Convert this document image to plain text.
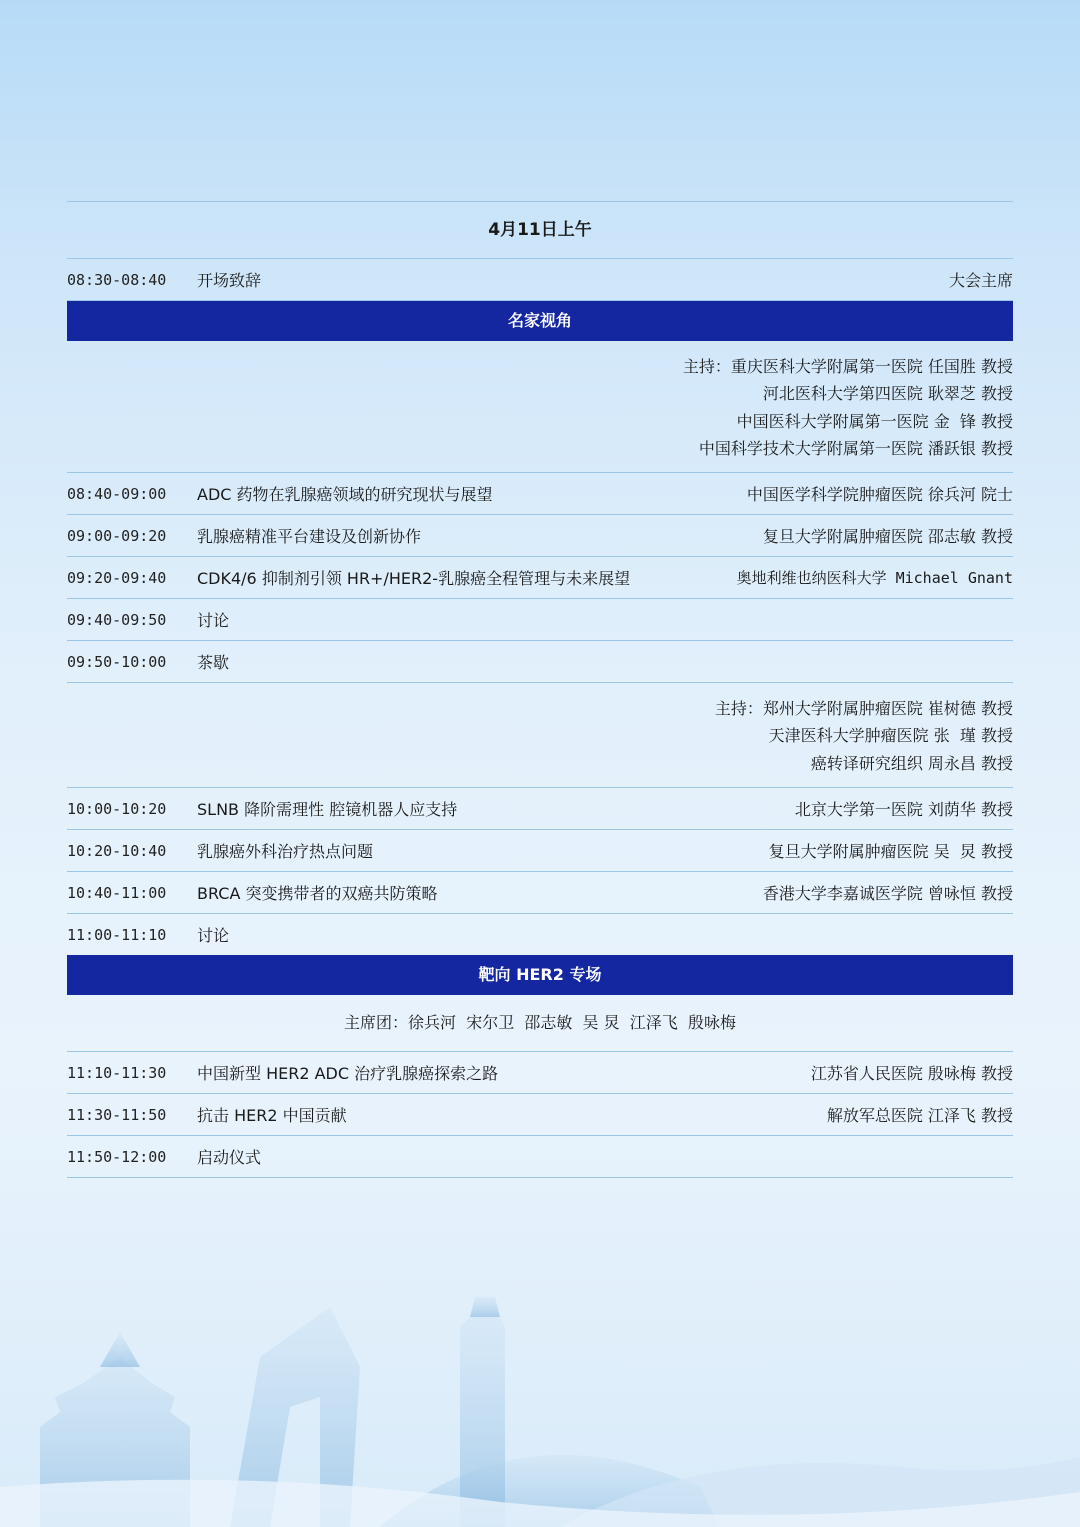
4月11日上午
08:30-08:40	开场致辞	大会主席
名家视角
主持：重庆医科大学附属第一医院 任国胜 教授
河北医科大学第四医院 耿翠芝 教授
中国医科大学附属第一医院 金  锋 教授
中国科学技术大学附属第一医院 潘跃银 教授
08:40-09:00	ADC 药物在乳腺癌领域的研究现状与展望	中国医学科学院肿瘤医院 徐兵河 院士
09:00-09:20	乳腺癌精准平台建设及创新协作	复旦大学附属肿瘤医院 邵志敏 教授
09:20-09:40	CDK4/6 抑制剂引领 HR+/HER2-乳腺癌全程管理与未来展望	奥地利维也纳医科大学 Michael Gnant
09:40-09:50	讨论
09:50-10:00	茶歇
主持：郑州大学附属肿瘤医院 崔树德 教授
天津医科大学肿瘤医院 张  瑾 教授
癌转译研究组织 周永昌 教授
10:00-10:20	SLNB 降阶需理性 腔镜机器人应支持	北京大学第一医院 刘荫华 教授
10:20-10:40	乳腺癌外科治疗热点问题	复旦大学附属肿瘤医院 吴  炅 教授
10:40-11:00	BRCA 突变携带者的双癌共防策略	香港大学李嘉诚医学院 曾咏恒 教授
11:00-11:10	讨论
靶向 HER2 专场
主席团：徐兵河  宋尔卫  邵志敏  吴 炅  江泽飞  殷咏梅
11:10-11:30	中国新型 HER2 ADC 治疗乳腺癌探索之路	江苏省人民医院 殷咏梅 教授
11:30-11:50	抗击 HER2 中国贡献	解放军总医院 江泽飞 教授
11:50-12:00	启动仪式
